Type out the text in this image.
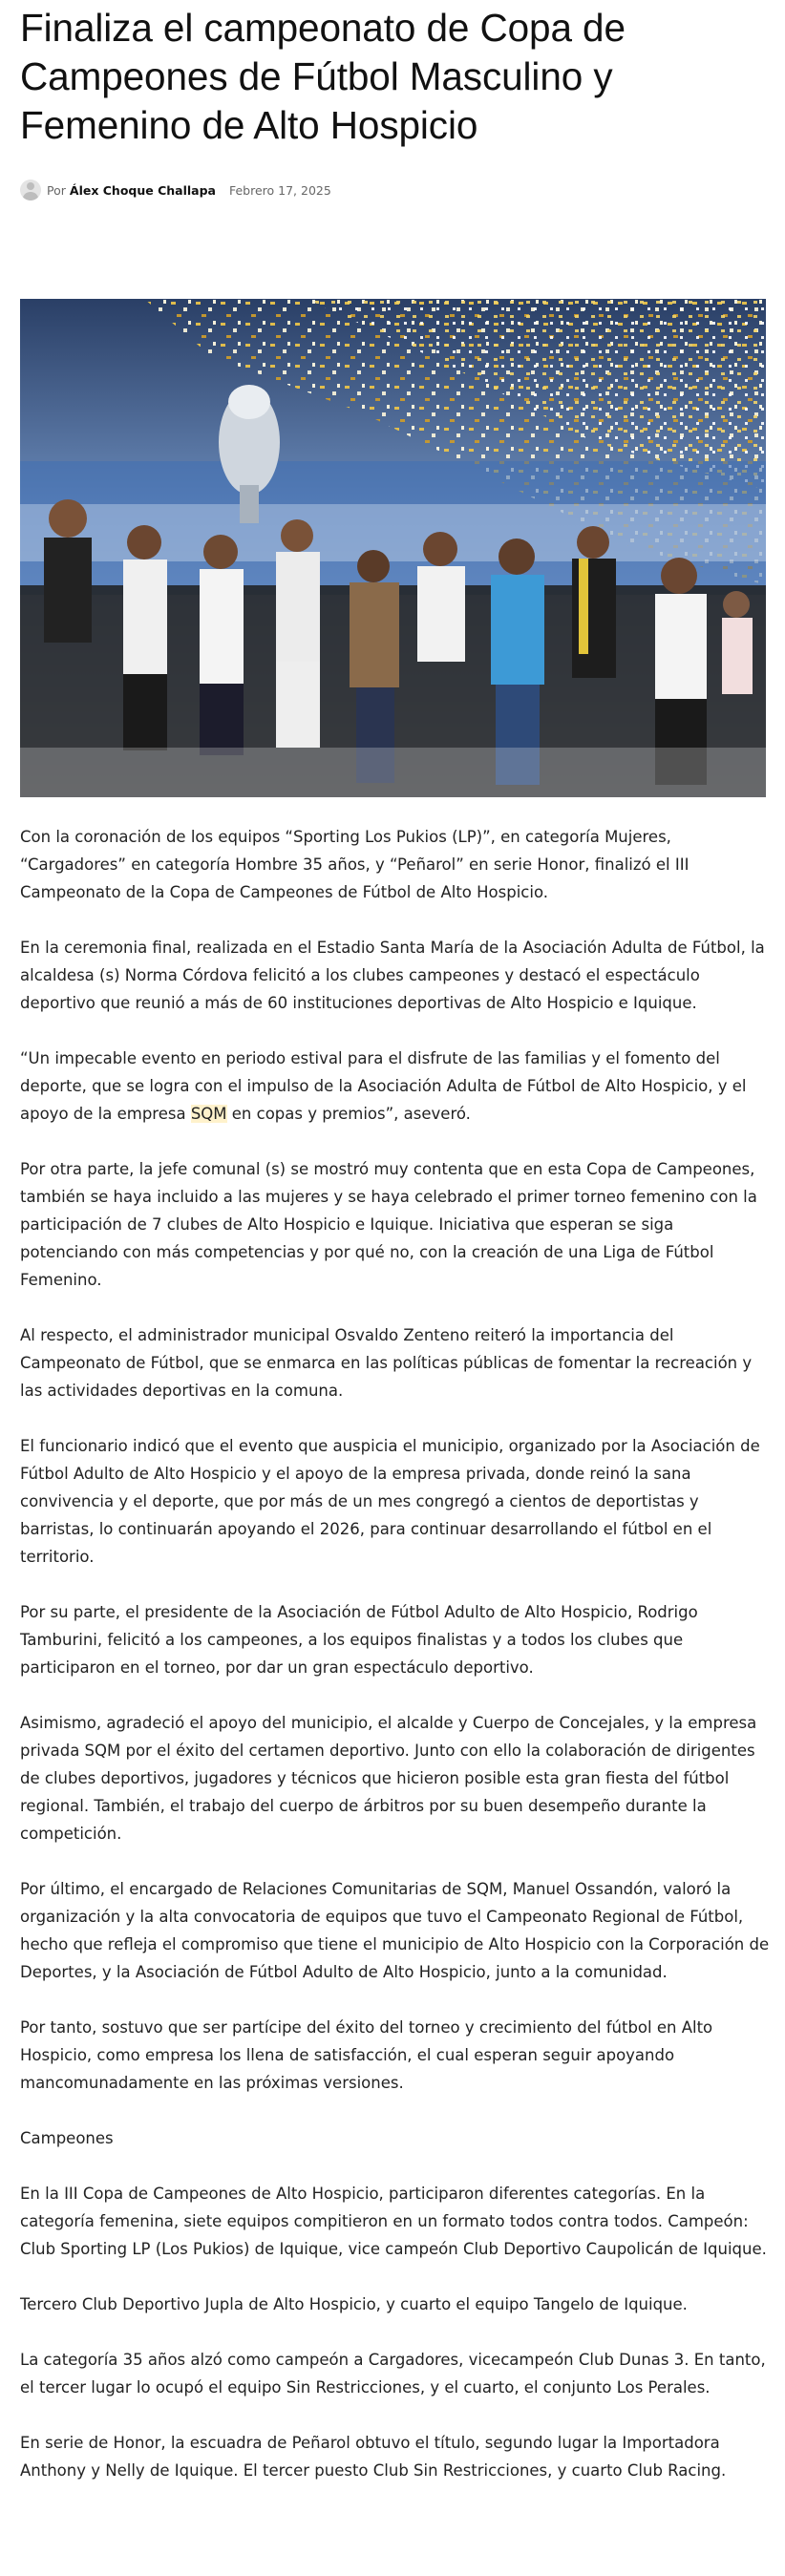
Finaliza el campeonato de Copa de Campeones de Fútbol Masculino y Femenino de Alto Hospicio
Por Álex Choque Challapa Febrero 17, 2025

Con la coronación de los equipos “Sporting Los Pukios (LP)”, en categoría Mujeres, “Cargadores” en categoría Hombre 35 años, y “Peñarol” en serie Honor, finalizó el III Campeonato de la Copa de Campeones de Fútbol de Alto Hospicio.

En la ceremonia final, realizada en el Estadio Santa María de la Asociación Adulta de Fútbol, la alcaldesa (s) Norma Córdova felicitó a los clubes campeones y destacó el espectáculo deportivo que reunió a más de 60 instituciones deportivas de Alto Hospicio e Iquique.

“Un impecable evento en periodo estival para el disfrute de las familias y el fomento del deporte, que se logra con el impulso de la Asociación Adulta de Fútbol de Alto Hospicio, y el apoyo de la empresa SQM en copas y premios”, aseveró.

Por otra parte, la jefe comunal (s) se mostró muy contenta que en esta Copa de Campeones, también se haya incluido a las mujeres y se haya celebrado el primer torneo femenino con la participación de 7 clubes de Alto Hospicio e Iquique. Iniciativa que esperan se siga potenciando con más competencias y por qué no, con la creación de una Liga de Fútbol Femenino.

Al respecto, el administrador municipal Osvaldo Zenteno reiteró la importancia del Campeonato de Fútbol, que se enmarca en las políticas públicas de fomentar la recreación y las actividades deportivas en la comuna.

El funcionario indicó que el evento que auspicia el municipio, organizado por la Asociación de Fútbol Adulto de Alto Hospicio y el apoyo de la empresa privada, donde reinó la sana convivencia y el deporte, que por más de un mes congregó a cientos de deportistas y barristas, lo continuarán apoyando el 2026, para continuar desarrollando el fútbol en el territorio.

Por su parte, el presidente de la Asociación de Fútbol Adulto de Alto Hospicio, Rodrigo Tamburini, felicitó a los campeones, a los equipos finalistas y a todos los clubes que participaron en el torneo, por dar un gran espectáculo deportivo.

Asimismo, agradeció el apoyo del municipio, el alcalde y Cuerpo de Concejales, y la empresa privada SQM por el éxito del certamen deportivo. Junto con ello la colaboración de dirigentes de clubes deportivos, jugadores y técnicos que hicieron posible esta gran fiesta del fútbol regional. También, el trabajo del cuerpo de árbitros por su buen desempeño durante la competición.

Por último, el encargado de Relaciones Comunitarias de SQM, Manuel Ossandón, valoró la organización y la alta convocatoria de equipos que tuvo el Campeonato Regional de Fútbol, hecho que refleja el compromiso que tiene el municipio de Alto Hospicio con la Corporación de Deportes, y la Asociación de Fútbol Adulto de Alto Hospicio, junto a la comunidad.

Por tanto, sostuvo que ser partícipe del éxito del torneo y crecimiento del fútbol en Alto Hospicio, como empresa los llena de satisfacción, el cual esperan seguir apoyando mancomunadamente en las próximas versiones.

Campeones

En la III Copa de Campeones de Alto Hospicio, participaron diferentes categorías. En la categoría femenina, siete equipos compitieron en un formato todos contra todos. Campeón: Club Sporting LP (Los Pukios) de Iquique, vice campeón Club Deportivo Caupolicán de Iquique.

Tercero Club Deportivo Jupla de Alto Hospicio, y cuarto el equipo Tangelo de Iquique.

La categoría 35 años alzó como campeón a Cargadores, vicecampeón Club Dunas 3. En tanto, el tercer lugar lo ocupó el equipo Sin Restricciones, y el cuarto, el conjunto Los Perales.

En serie de Honor, la escuadra de Peñarol obtuvo el título, segundo lugar la Importadora Anthony y Nelly de Iquique. El tercer puesto Club Sin Restricciones, y cuarto Club Racing.
